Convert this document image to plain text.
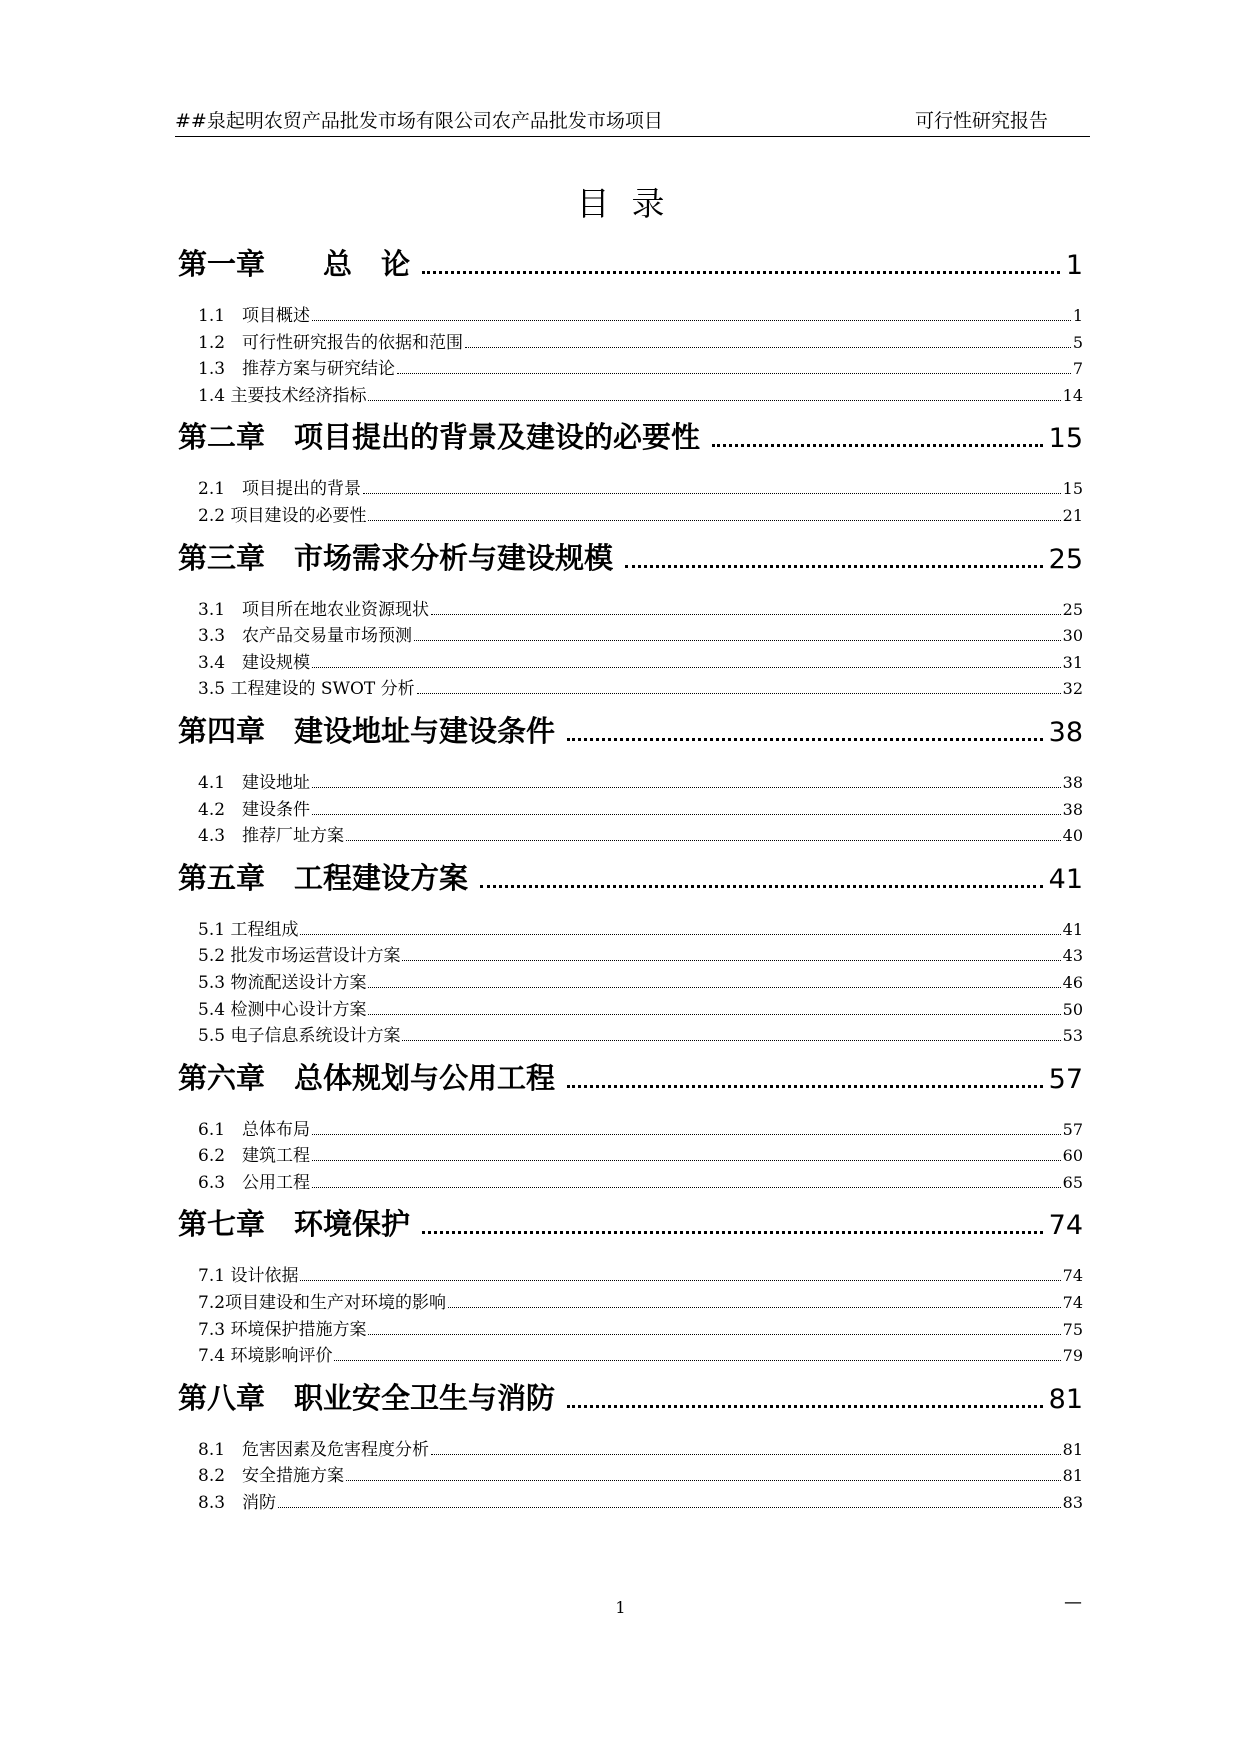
##泉起明农贸产品批发市场有限公司农产品批发市场项目	可行性研究报告
目录
第一章　　总　论	1
1.1　项目概述	1
1.2　可行性研究报告的依据和范围	5
1.3　推荐方案与研究结论	7
1.4 主要技术经济指标	14
第二章　项目提出的背景及建设的必要性	15
2.1　项目提出的背景	15
2.2 项目建设的必要性	21
第三章　市场需求分析与建设规模	25
3.1　项目所在地农业资源现状	25
3.3　农产品交易量市场预测	30
3.4　建设规模	31
3.5 工程建设的 SWOT 分析	32
第四章　建设地址与建设条件	38
4.1　建设地址	38
4.2　建设条件	38
4.3　推荐厂址方案	40
第五章　工程建设方案	41
5.1 工程组成	41
5.2 批发市场运营设计方案	43
5.3 物流配送设计方案	46
5.4 检测中心设计方案	50
5.5 电子信息系统设计方案	53
第六章　总体规划与公用工程	57
6.1　总体布局	57
6.2　建筑工程	60
6.3　公用工程	65
第七章　环境保护	74
7.1 设计依据	74
7.2项目建设和生产对环境的影响	74
7.3 环境保护措施方案	75
7.4 环境影响评价	79
第八章　职业安全卫生与消防	81
8.1　危害因素及危害程度分析	81
8.2　安全措施方案	81
8.3　消防	83
1	—
